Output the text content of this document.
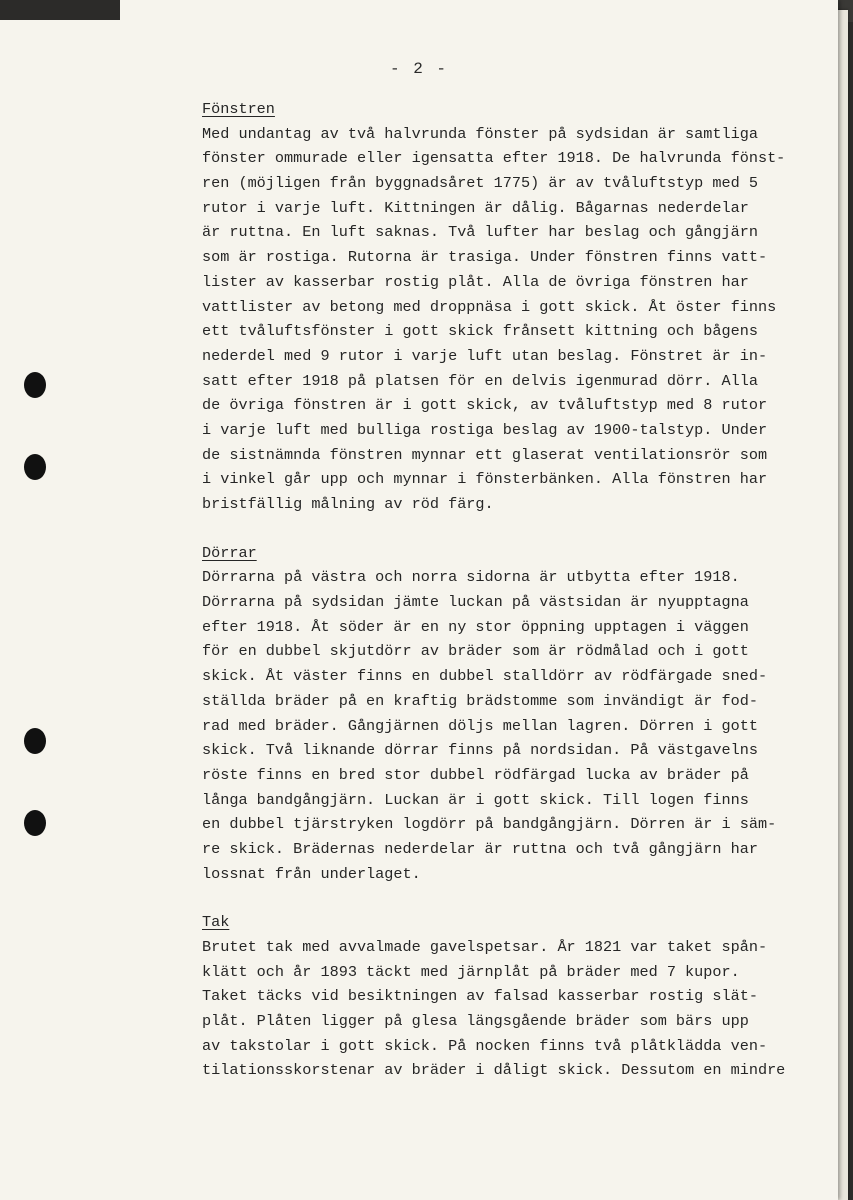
- 2 -
Fönstren
Med undantag av två halvrunda fönster på sydsidan är samtliga
fönster ommurade eller igensatta efter 1918. De halvrunda fönst-
ren (möjligen från byggnadsåret 1775) är av tvåluftstyp med 5
rutor i varje luft. Kittningen är dålig. Bågarnas nederdelar
är ruttna. En luft saknas. Två lufter har beslag och gångjärn
som är rostiga. Rutorna är trasiga. Under fönstren finns vatt-
lister av kasserbar rostig plåt. Alla de övriga fönstren har
vattlister av betong med droppnäsa i gott skick. Åt öster finns
ett tvåluftsfönster i gott skick frånsett kittning och bågens
nederdel med 9 rutor i varje luft utan beslag. Fönstret är in-
satt efter 1918 på platsen för en delvis igenmurad dörr. Alla
de övriga fönstren är i gott skick, av tvåluftstyp med 8 rutor
i varje luft med bulliga rostiga beslag av 1900-talstyp. Under
de sistnämnda fönstren mynnar ett glaserat ventilationsrör som
i vinkel går upp och mynnar i fönsterbänken. Alla fönstren har
bristfällig målning av röd färg.
Dörrar
Dörrarna på västra och norra sidorna är utbytta efter 1918.
Dörrarna på sydsidan jämte luckan på västsidan är nyupptagna
efter 1918. Åt söder är en ny stor öppning upptagen i väggen
för en dubbel skjutdörr av bräder som är rödmålad och i gott
skick. Åt väster finns en dubbel stalldörr av rödfärgade sned-
ställda bräder på en kraftig brädstomme som invändigt är fod-
rad med bräder. Gångjärnen döljs mellan lagren. Dörren i gott
skick. Två liknande dörrar finns på nordsidan. På västgavelns
röste finns en bred stor dubbel rödfärgad lucka av bräder på
långa bandgångjärn. Luckan är i gott skick. Till logen finns
en dubbel tjärstryken logdörr på bandgångjärn. Dörren är i säm-
re skick. Brädernas nederdelar är ruttna och två gångjärn har
lossnat från underlaget.
Tak
Brutet tak med avvalmade gavelspetsar. År 1821 var taket spån-
klätt och år 1893 täckt med järnplåt på bräder med 7 kupor.
Taket täcks vid besiktningen av falsad kasserbar rostig slät-
plåt. Plåten ligger på glesa längsgående bräder som bärs upp
av takstolar i gott skick. På nocken finns två plåtklädda ven-
tilationsskorstenar av bräder i dåligt skick. Dessutom en mindre
